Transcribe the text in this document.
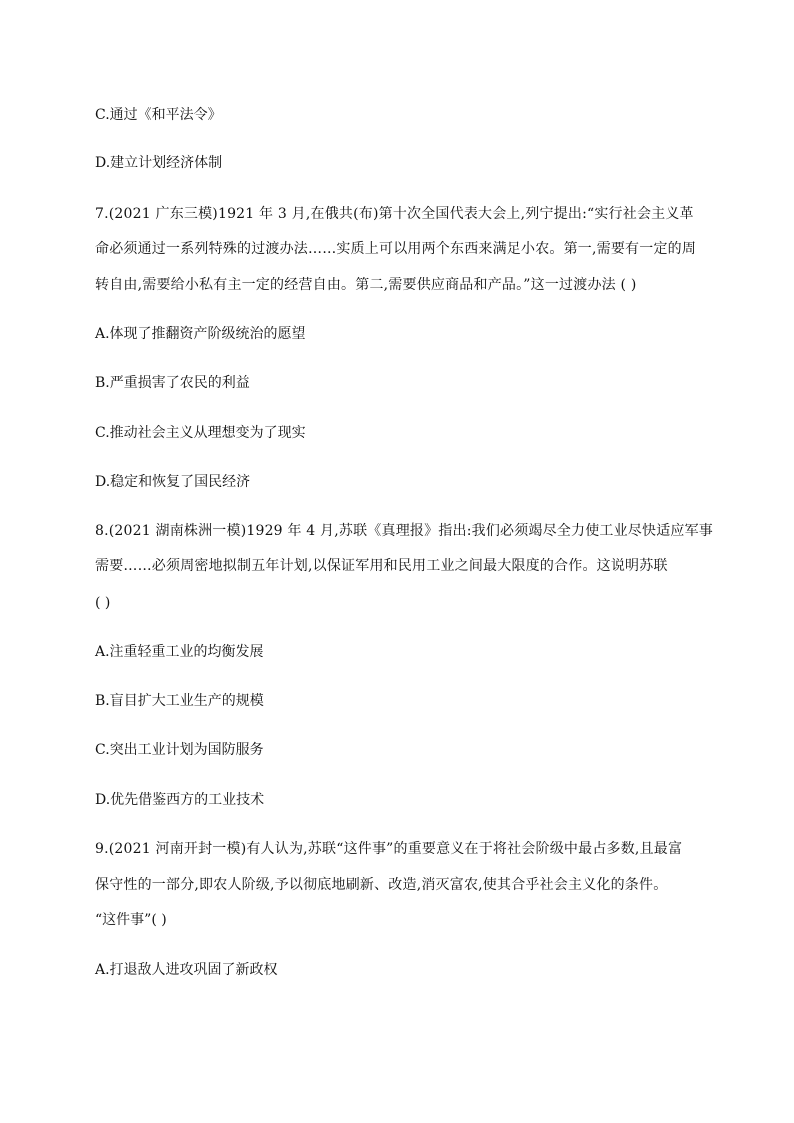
C.通过《和平法令》
D.建立计划经济体制
7.(2021 广东三模)1921 年 3 月,在俄共(布)第十次全国代表大会上,列宁提出:“实行社会主义革
命必须通过一系列特殊的过渡办法……实质上可以用两个东西来满足小农。第一,需要有一定的周
转自由,需要给小私有主一定的经营自由。第二,需要供应商品和产品。”这一过渡办法 ( )
A.体现了推翻资产阶级统治的愿望
B.严重损害了农民的利益
C.推动社会主义从理想变为了现实
D.稳定和恢复了国民经济
8.(2021 湖南株洲一模)1929 年 4 月,苏联《真理报》指出:我们必须竭尽全力使工业尽快适应军事
需要……必须周密地拟制五年计划,以保证军用和民用工业之间最大限度的合作。这说明苏联
( )
A.注重轻重工业的均衡发展
B.盲目扩大工业生产的规模
C.突出工业计划为国防服务
D.优先借鉴西方的工业技术
9.(2021 河南开封一模)有人认为,苏联“这件事”的重要意义在于将社会阶级中最占多数,且最富
保守性的一部分,即农人阶级,予以彻底地刷新、改造,消灭富农,使其合乎社会主义化的条件。
“这件事”( )
A.打退敌人进攻巩固了新政权
